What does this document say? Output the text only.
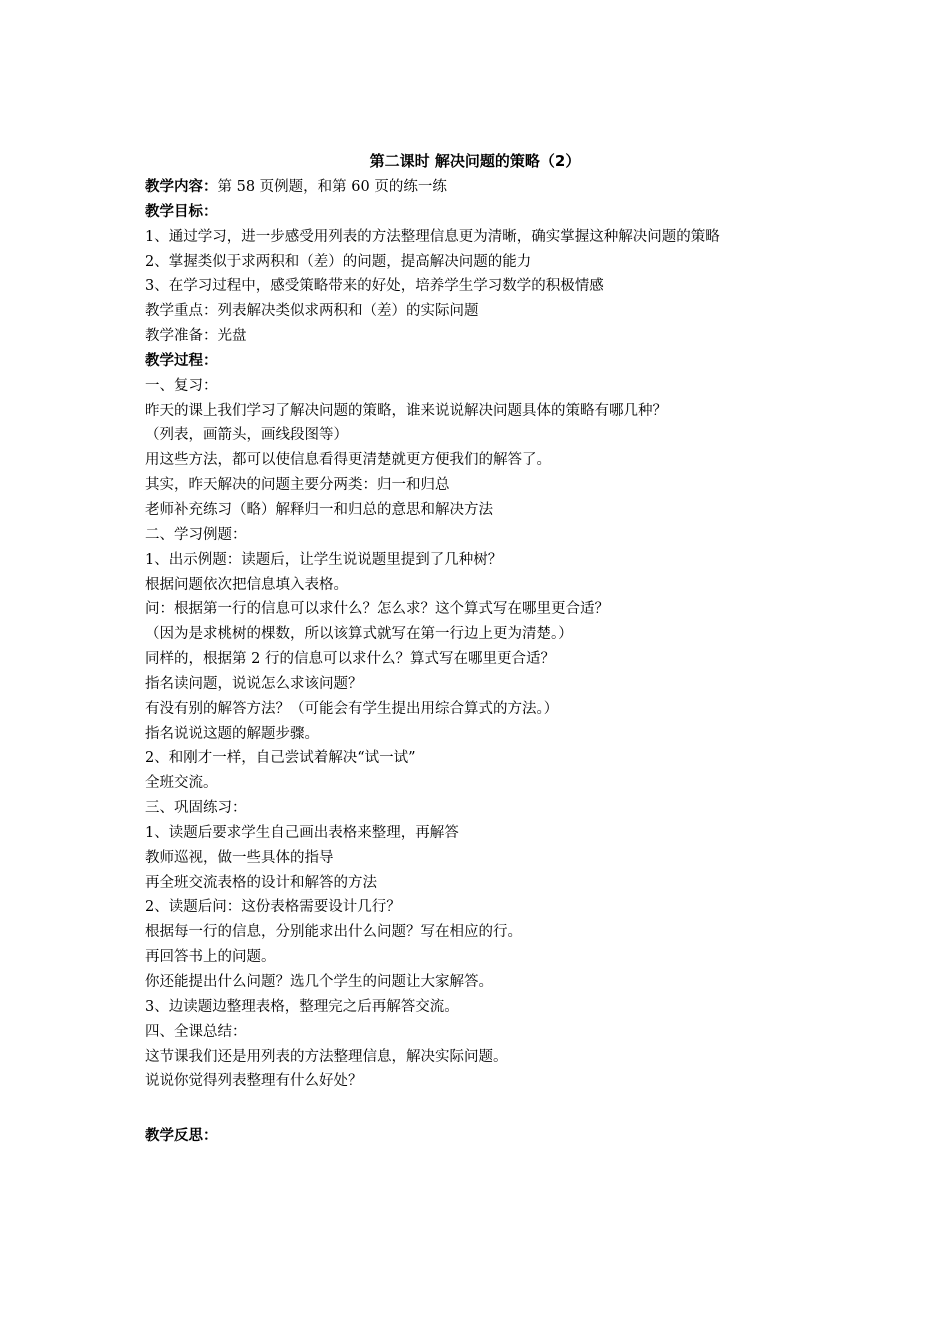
第二课时 解决问题的策略（2）

教学内容：第 58 页例题，和第 60 页的练一练

教学目标：

1、通过学习，进一步感受用列表的方法整理信息更为清晰，确实掌握这种解决问题的策略

2、掌握类似于求两积和（差）的问题，提高解决问题的能力

3、在学习过程中，感受策略带来的好处，培养学生学习数学的积极情感

教学重点：列表解决类似求两积和（差）的实际问题

教学准备：光盘

教学过程：

一、复习：

昨天的课上我们学习了解决问题的策略，谁来说说解决问题具体的策略有哪几种？

（列表，画箭头，画线段图等）

用这些方法，都可以使信息看得更清楚就更方便我们的解答了。

其实，昨天解决的问题主要分两类：归一和归总

老师补充练习（略）解释归一和归总的意思和解决方法

二、学习例题：

1、出示例题：读题后，让学生说说题里提到了几种树？

根据问题依次把信息填入表格。

问：根据第一行的信息可以求什么？怎么求？这个算式写在哪里更合适？

（因为是求桃树的棵数，所以该算式就写在第一行边上更为清楚。）

同样的，根据第 2 行的信息可以求什么？算式写在哪里更合适？

指名读问题，说说怎么求该问题？

有没有别的解答方法？（可能会有学生提出用综合算式的方法。）

指名说说这题的解题步骤。

2、和刚才一样，自己尝试着解决“试一试”

全班交流。

三、巩固练习：

1、读题后要求学生自己画出表格来整理，再解答

教师巡视，做一些具体的指导

再全班交流表格的设计和解答的方法

2、读题后问：这份表格需要设计几行？

根据每一行的信息，分别能求出什么问题？写在相应的行。

再回答书上的问题。

你还能提出什么问题？选几个学生的问题让大家解答。

3、边读题边整理表格，整理完之后再解答交流。

四、全课总结：

这节课我们还是用列表的方法整理信息，解决实际问题。

说说你觉得列表整理有什么好处？

教学反思：
